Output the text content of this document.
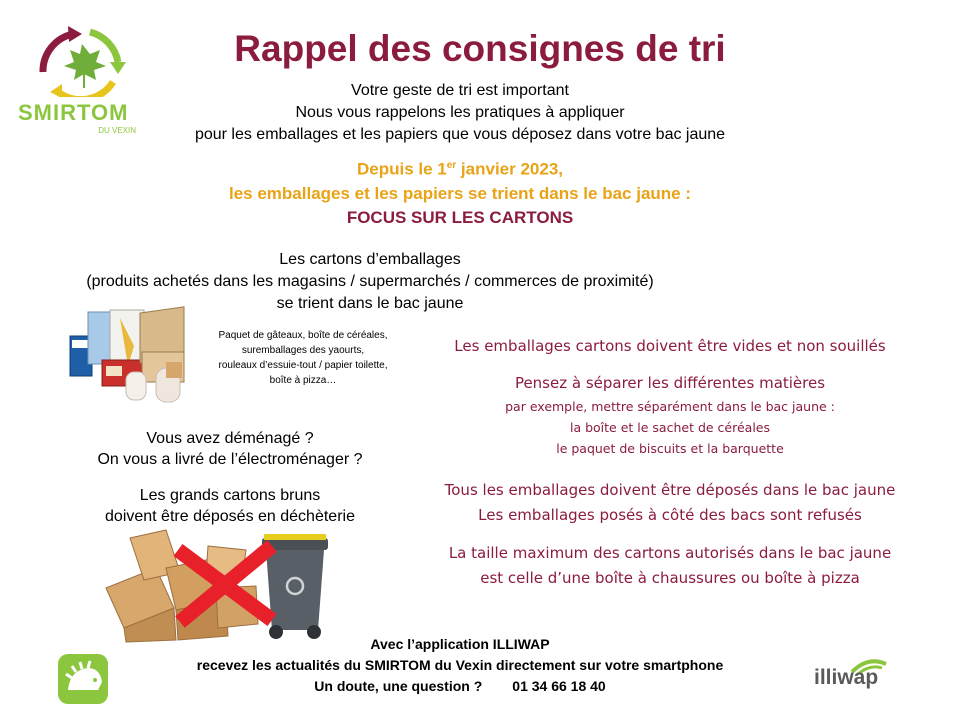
SMIRTOM
DU VEXIN
Rappel des consignes de tri
Votre geste de tri est important
Nous vous rappelons les pratiques à appliquer
pour les emballages et les papiers que vous déposez dans votre bac jaune
Depuis le 1er janvier 2023,
les emballages et les papiers se trient dans le bac jaune :
FOCUS SUR LES CARTONS
Les cartons d’emballages
(produits achetés dans les magasins / supermarchés / commerces de proximité)
se trient dans le bac jaune
Paquet de gâteaux, boîte de céréales,
suremballages des yaourts,
rouleaux d’essuie-tout / papier toilette,
boîte à pizza…
Vous avez déménagé ?
On vous a livré de l’électroménager ?
Les grands cartons bruns
doivent être déposés en déchèterie
Les emballages cartons doivent être vides et non souillés
Pensez à séparer les différentes matières
par exemple, mettre séparément dans le bac jaune :
la boîte et le sachet de céréales
le paquet de biscuits et la barquette
Tous les emballages doivent être déposés dans le bac jaune
Les emballages posés à côté des bacs sont refusés
La taille maximum des cartons autorisés dans le bac jaune
est celle d’une boîte à chaussures ou boîte à pizza
Avec l’application ILLIWAP
recevez les actualités du SMIRTOM du Vexin directement sur votre smartphone
Un doute, une question ? 01 34 66 18 40	illiwap
